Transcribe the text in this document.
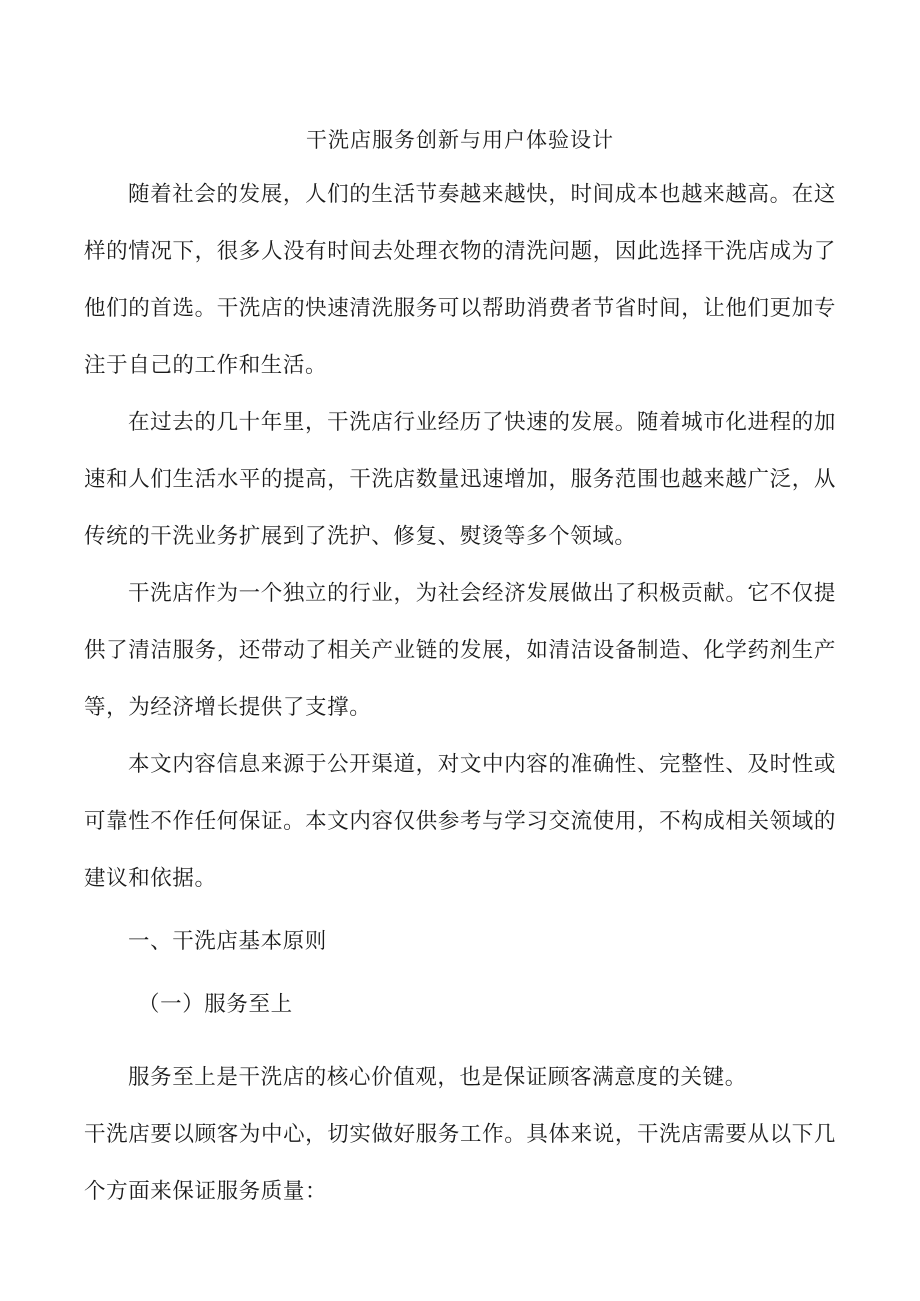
干洗店服务创新与用户体验设计

随着社会的发展，人们的生活节奏越来越快，时间成本也越来越高。在这样的情况下，很多人没有时间去处理衣物的清洗问题，因此选择干洗店成为了他们的首选。干洗店的快速清洗服务可以帮助消费者节省时间，让他们更加专注于自己的工作和生活。

在过去的几十年里，干洗店行业经历了快速的发展。随着城市化进程的加速和人们生活水平的提高，干洗店数量迅速增加，服务范围也越来越广泛，从传统的干洗业务扩展到了洗护、修复、熨烫等多个领域。

干洗店作为一个独立的行业，为社会经济发展做出了积极贡献。它不仅提供了清洁服务，还带动了相关产业链的发展，如清洁设备制造、化学药剂生产等，为经济增长提供了支撑。

本文内容信息来源于公开渠道，对文中内容的准确性、完整性、及时性或可靠性不作任何保证。本文内容仅供参考与学习交流使用，不构成相关领域的建议和依据。

一、干洗店基本原则
（一）服务至上

服务至上是干洗店的核心价值观，也是保证顾客满意度的关键。

干洗店要以顾客为中心，切实做好服务工作。具体来说，干洗店需要从以下几个方面来保证服务质量：
